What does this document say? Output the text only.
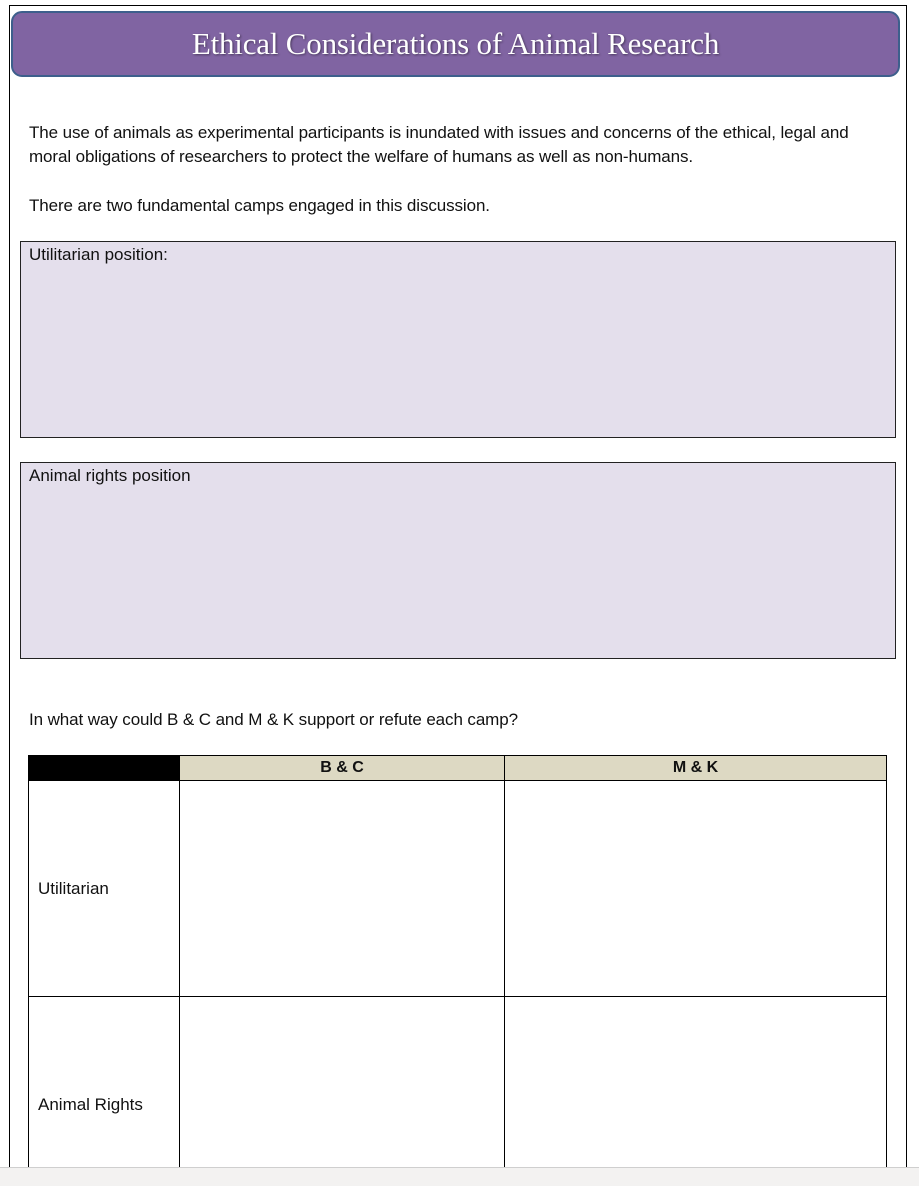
Ethical Considerations of Animal Research
The use of animals as experimental participants is inundated with issues and concerns of the ethical, legal and moral obligations of researchers to protect the welfare of humans as well as non-humans.
There are two fundamental camps engaged in this discussion.
Utilitarian position:
Animal rights position
In what way could B & C and M & K support or refute each camp?
	B & C	M & K
Utilitarian		
Animal Rights		
